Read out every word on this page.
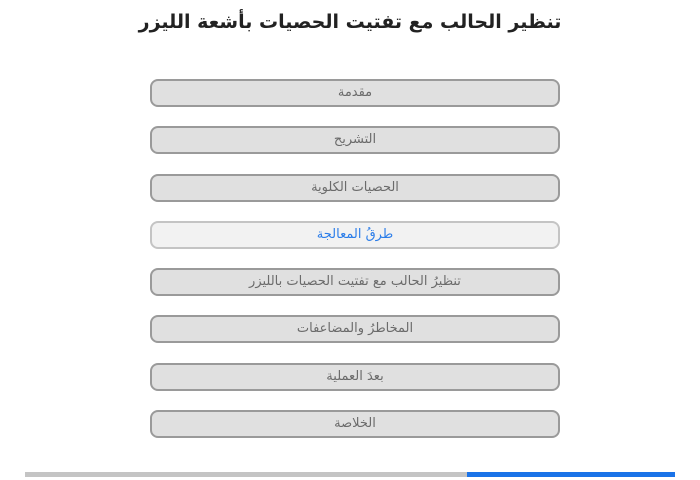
تنظير الحالب مع تفتيت الحصيات بأشعة الليزر
مقدمة
التشريح
الحصيات الكلوية
طرقُ المعالجة
تنظيرُ الحالب مع تفتيت الحصيات بالليزر
المخاطرُ والمضاعفات
بعدَ العملية
الخلاصة
